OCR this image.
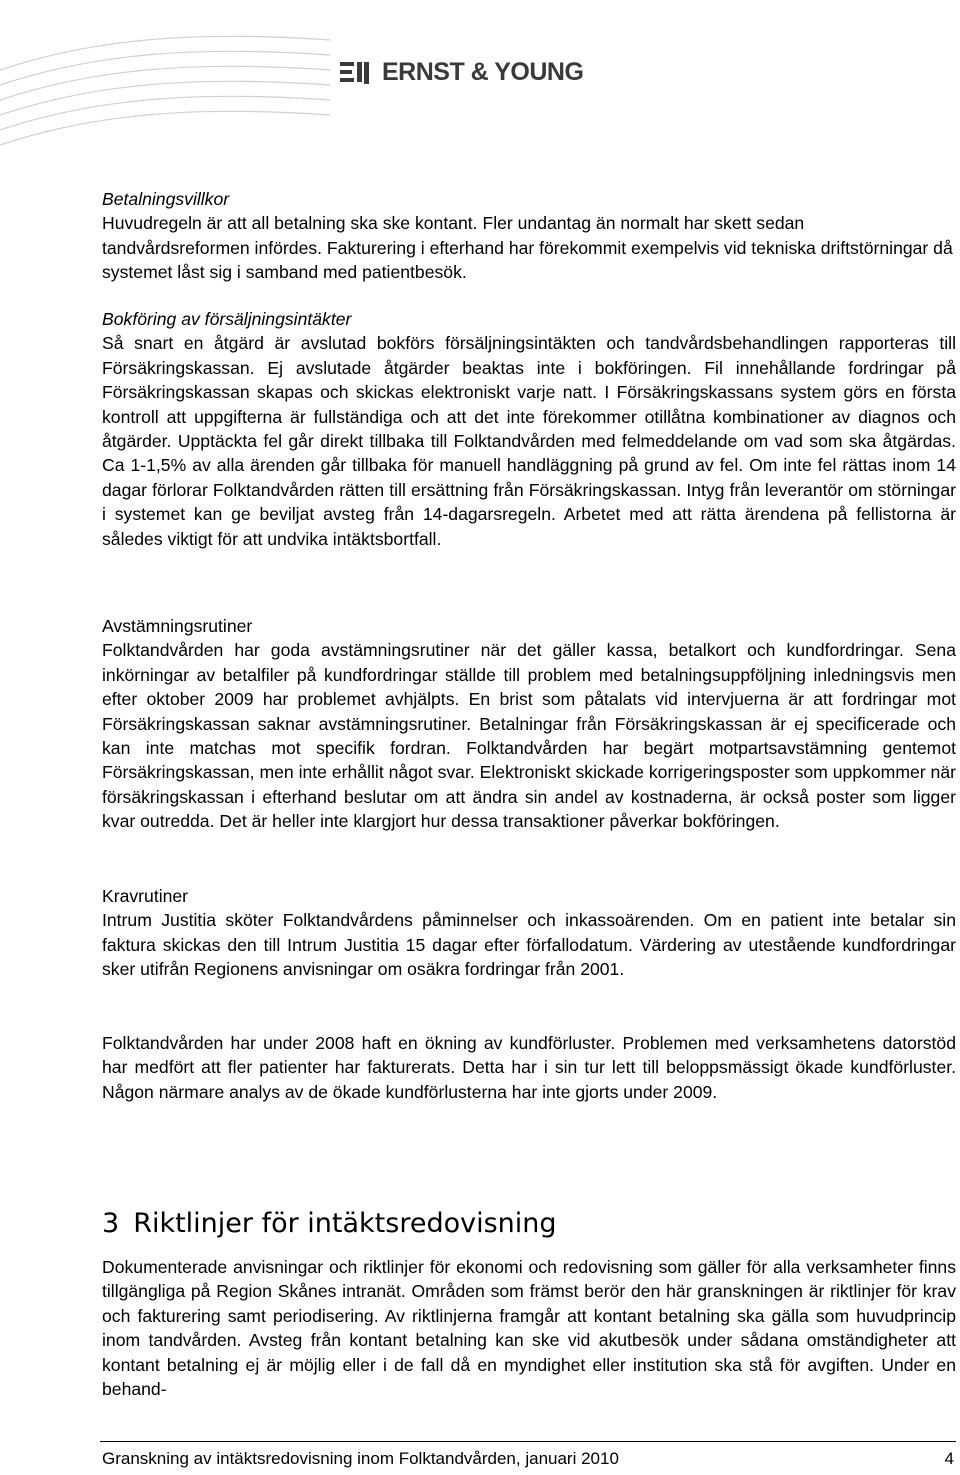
ERNST & YOUNG

Betalningsvillkor

Huvudregeln är att all betalning ska ske kontant. Fler undantag än normalt har skett sedan tandvårdsreformen infördes. Fakturering i efterhand har förekommit exempelvis vid tekniska driftstörningar då systemet låst sig i samband med patientbesök.

Bokföring av försäljningsintäkter

Så snart en åtgärd är avslutad bokförs försäljningsintäkten och tandvårdsbehandlingen rapporteras till Försäkringskassan. Ej avslutade åtgärder beaktas inte i bokföringen. Fil innehållande fordringar på Försäkringskassan skapas och skickas elektroniskt varje natt. I Försäkringskassans system görs en första kontroll att uppgifterna är fullständiga och att det inte förekommer otillåtna kombinationer av diagnos och åtgärder. Upptäckta fel går direkt tillbaka till Folktandvården med felmeddelande om vad som ska åtgärdas. Ca 1-1,5% av alla ärenden går tillbaka för manuell handläggning på grund av fel. Om inte fel rättas inom 14 dagar förlorar Folktandvården rätten till ersättning från Försäkringskassan. Intyg från leverantör om störningar i systemet kan ge beviljat avsteg från 14-dagarsregeln. Arbetet med att rätta ärendena på fellistorna är således viktigt för att undvika intäktsbortfall.

Avstämningsrutiner

Folktandvården har goda avstämningsrutiner när det gäller kassa, betalkort och kundfordringar. Sena inkörningar av betalfiler på kundfordringar ställde till problem med betalningsuppföljning inledningsvis men efter oktober 2009 har problemet avhjälpts. En brist som påtalats vid intervjuerna är att fordringar mot Försäkringskassan saknar avstämningsrutiner. Betalningar från Försäkringskassan är ej specificerade och kan inte matchas mot specifik fordran. Folktandvården har begärt motpartsavstämning gentemot Försäkringskassan, men inte erhållit något svar. Elektroniskt skickade korrigeringsposter som uppkommer när försäkringskassan i efterhand beslutar om att ändra sin andel av kostnaderna, är också poster som ligger kvar outredda. Det är heller inte klargjort hur dessa transaktioner påverkar bokföringen.

Kravrutiner

Intrum Justitia sköter Folktandvårdens påminnelser och inkassoärenden. Om en patient inte betalar sin faktura skickas den till Intrum Justitia 15 dagar efter förfallodatum. Värdering av utestående kundfordringar sker utifrån Regionens anvisningar om osäkra fordringar från 2001.

Folktandvården har under 2008 haft en ökning av kundförluster. Problemen med verksamhetens datorstöd har medfört att fler patienter har fakturerats. Detta har i sin tur lett till beloppsmässigt ökade kundförluster. Någon närmare analys av de ökade kundförlusterna har inte gjorts under 2009.

3 Riktlinjer för intäktsredovisning

Dokumenterade anvisningar och riktlinjer för ekonomi och redovisning som gäller för alla verksamheter finns tillgängliga på Region Skånes intranät. Områden som främst berör den här granskningen är riktlinjer för krav och fakturering samt periodisering. Av riktlinjerna framgår att kontant betalning ska gälla som huvudprincip inom tandvården. Avsteg från kontant betalning kan ske vid akutbesök under sådana omständigheter att kontant betalning ej är möjlig eller i de fall då en myndighet eller institution ska stå för avgiften. Under en behand-

Granskning av intäktsredovisning inom Folktandvården, januari 2010	4
